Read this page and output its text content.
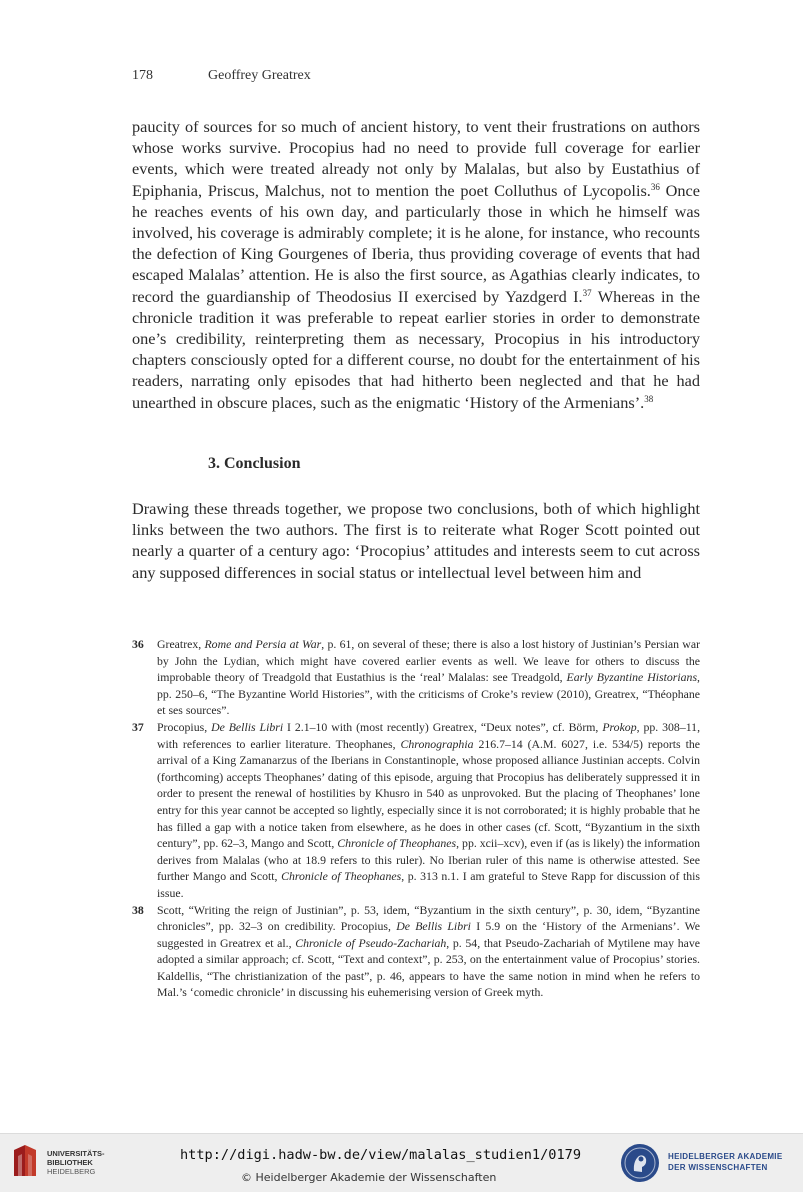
178	Geoffrey Greatrex

paucity of sources for so much of ancient history, to vent their frustrations on authors whose works survive. Procopius had no need to provide full coverage for earlier events, which were treated already not only by Malalas, but also by Eustathius of Epiphania, Priscus, Malchus, not to mention the poet Colluthus of Lycopolis.$^{36}$ Once he reaches events of his own day, and particularly those in which he himself was involved, his coverage is admirably complete; it is he alone, for instance, who recounts the defection of King Gourgenes of Iberia, thus providing coverage of events that had escaped Malalas’ attention. He is also the first source, as Agathias clearly indicates, to record the guardianship of Theodosius II exercised by Yazdgerd I.$^{37}$ Whereas in the chronicle tradition it was preferable to repeat earlier stories in order to demonstrate one’s credibility, reinterpreting them as necessary, Procopius in his introductory chapters consciously opted for a different course, no doubt for the entertainment of his readers, narrating only episodes that had hitherto been neglected and that he had unearthed in obscure places, such as the enigmatic ‘History of the Armenians’.$^{38}$

3. Conclusion

Drawing these threads together, we propose two conclusions, both of which highlight links between the two authors. The first is to reiterate what Roger Scott pointed out nearly a quarter of a century ago: ‘Procopius’ attitudes and interests seem to cut across any supposed differences in social status or intellectual level between him and

36 Greatrex, Rome and Persia at War, p. 61, on several of these; there is also a lost history of Justinian’s Persian war by John the Lydian, which might have covered earlier events as well. We leave for others to discuss the improbable theory of Treadgold that Eustathius is the ‘real’ Malalas: see Treadgold, Early Byzantine Historians, pp. 250–6, “The Byzantine World Histories”, with the criticisms of Croke’s review (2010), Greatrex, “Théophane et ses sources”.
37 Procopius, De Bellis Libri I 2.1–10 with (most recently) Greatrex, “Deux notes”, cf. Börm, Prokop, pp. 308–11, with references to earlier literature. Theophanes, Chronographia 216.7–14 (A.M. 6027, i.e. 534/5) reports the arrival of a King Zamanarzus of the Iberians in Constantinople, whose proposed alliance Justinian accepts. Colvin (forthcoming) accepts Theophanes’ dating of this episode, arguing that Procopius has deliberately suppressed it in order to present the renewal of hostilities by Khusro in 540 as unprovoked. But the placing of Theophanes’ lone entry for this year cannot be accepted so lightly, especially since it is not corroborated; it is highly probable that he has filled a gap with a notice taken from elsewhere, as he does in other cases (cf. Scott, “Byzantium in the sixth century”, pp. 62–3, Mango and Scott, Chronicle of Theophanes, pp. xcii–xcv), even if (as is likely) the information derives from Malalas (who at 18.9 refers to this ruler). No Iberian ruler of this name is otherwise attested. See further Mango and Scott, Chronicle of Theophanes, p. 313 n.1. I am grateful to Steve Rapp for discussion of this issue.
38 Scott, “Writing the reign of Justinian”, p. 53, idem, “Byzantium in the sixth century”, p. 30, idem, “Byzantine chronicles”, pp. 32–3 on credibility. Procopius, De Bellis Libri I 5.9 on the ‘History of the Armenians’. We suggested in Greatrex et al., Chronicle of Pseudo-Zachariah, p. 54, that Pseudo-Zachariah of Mytilene may have adopted a similar approach; cf. Scott, “Text and context”, p. 253, on the entertainment value of Procopius’ stories. Kaldellis, “The christianization of the past”, p. 46, appears to have the same notion in mind when he refers to Mal.’s ‘comedic chronicle’ in discussing his euhemerising version of Greek myth.
UNIVERSITÄTS-
BIBLIOTHEK
HEIDELBERG
http://digi.hadw-bw.de/view/malalas_studien1/0179
© Heidelberger Akademie der Wissenschaften
HEIDELBERGER AKADEMIE
DER WISSENSCHAFTEN
